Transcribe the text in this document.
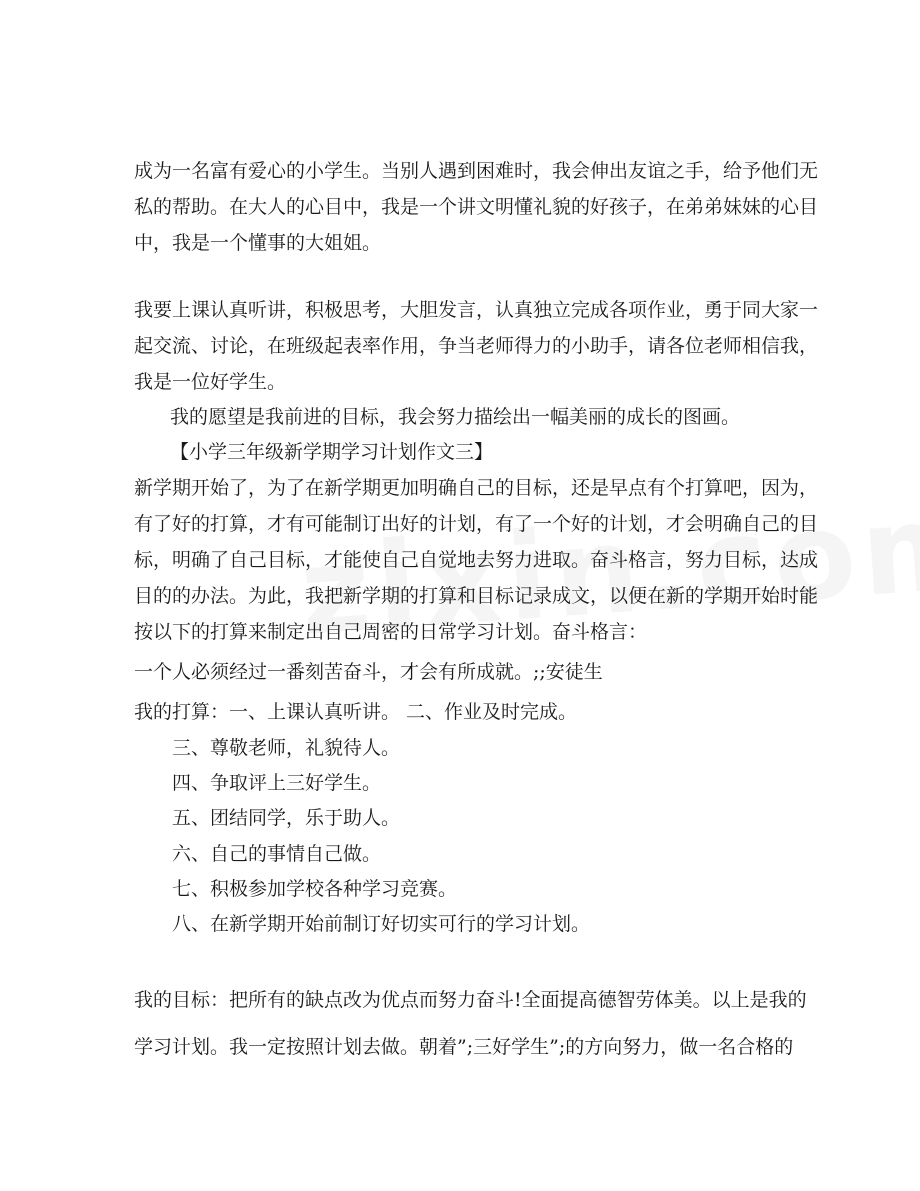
成为一名富有爱心的小学生。当别人遇到困难时，我会伸出友谊之手，给予他们无
私的帮助。在大人的心目中，我是一个讲文明懂礼貌的好孩子，在弟弟妹妹的心目
中，我是一个懂事的大姐姐。
我要上课认真听讲，积极思考，大胆发言，认真独立完成各项作业，勇于同大家一
起交流、讨论，在班级起表率作用，争当老师得力的小助手，请各位老师相信我，
我是一位好学生。
我的愿望是我前进的目标，我会努力描绘出一幅美丽的成长的图画。
【小学三年级新学期学习计划作文三】
新学期开始了，为了在新学期更加明确自己的目标，还是早点有个打算吧，因为，
有了好的打算，才有可能制订出好的计划，有了一个好的计划，才会明确自己的目
标，明确了自己目标，才能使自己自觉地去努力进取。奋斗格言，努力目标，达成
目的的办法。为此，我把新学期的打算和目标记录成文，以便在新的学期开始时能
按以下的打算来制定出自己周密的日常学习计划。奋斗格言：
一个人必须经过一番刻苦奋斗，才会有所成就。;;安徒生
我的打算：一、上课认真听讲。 二、作业及时完成。
三、尊敬老师，礼貌待人。
四、争取评上三好学生。
五、团结同学，乐于助人。
六、自己的事情自己做。
七、积极参加学校各种学习竞赛。
八、在新学期开始前制订好切实可行的学习计划。
我的目标：把所有的缺点改为优点而努力奋斗!全面提高德智劳体美。以上是我的
学习计划。我一定按照计划去做。朝着”;三好学生”;的方向努力，做一名合格的
